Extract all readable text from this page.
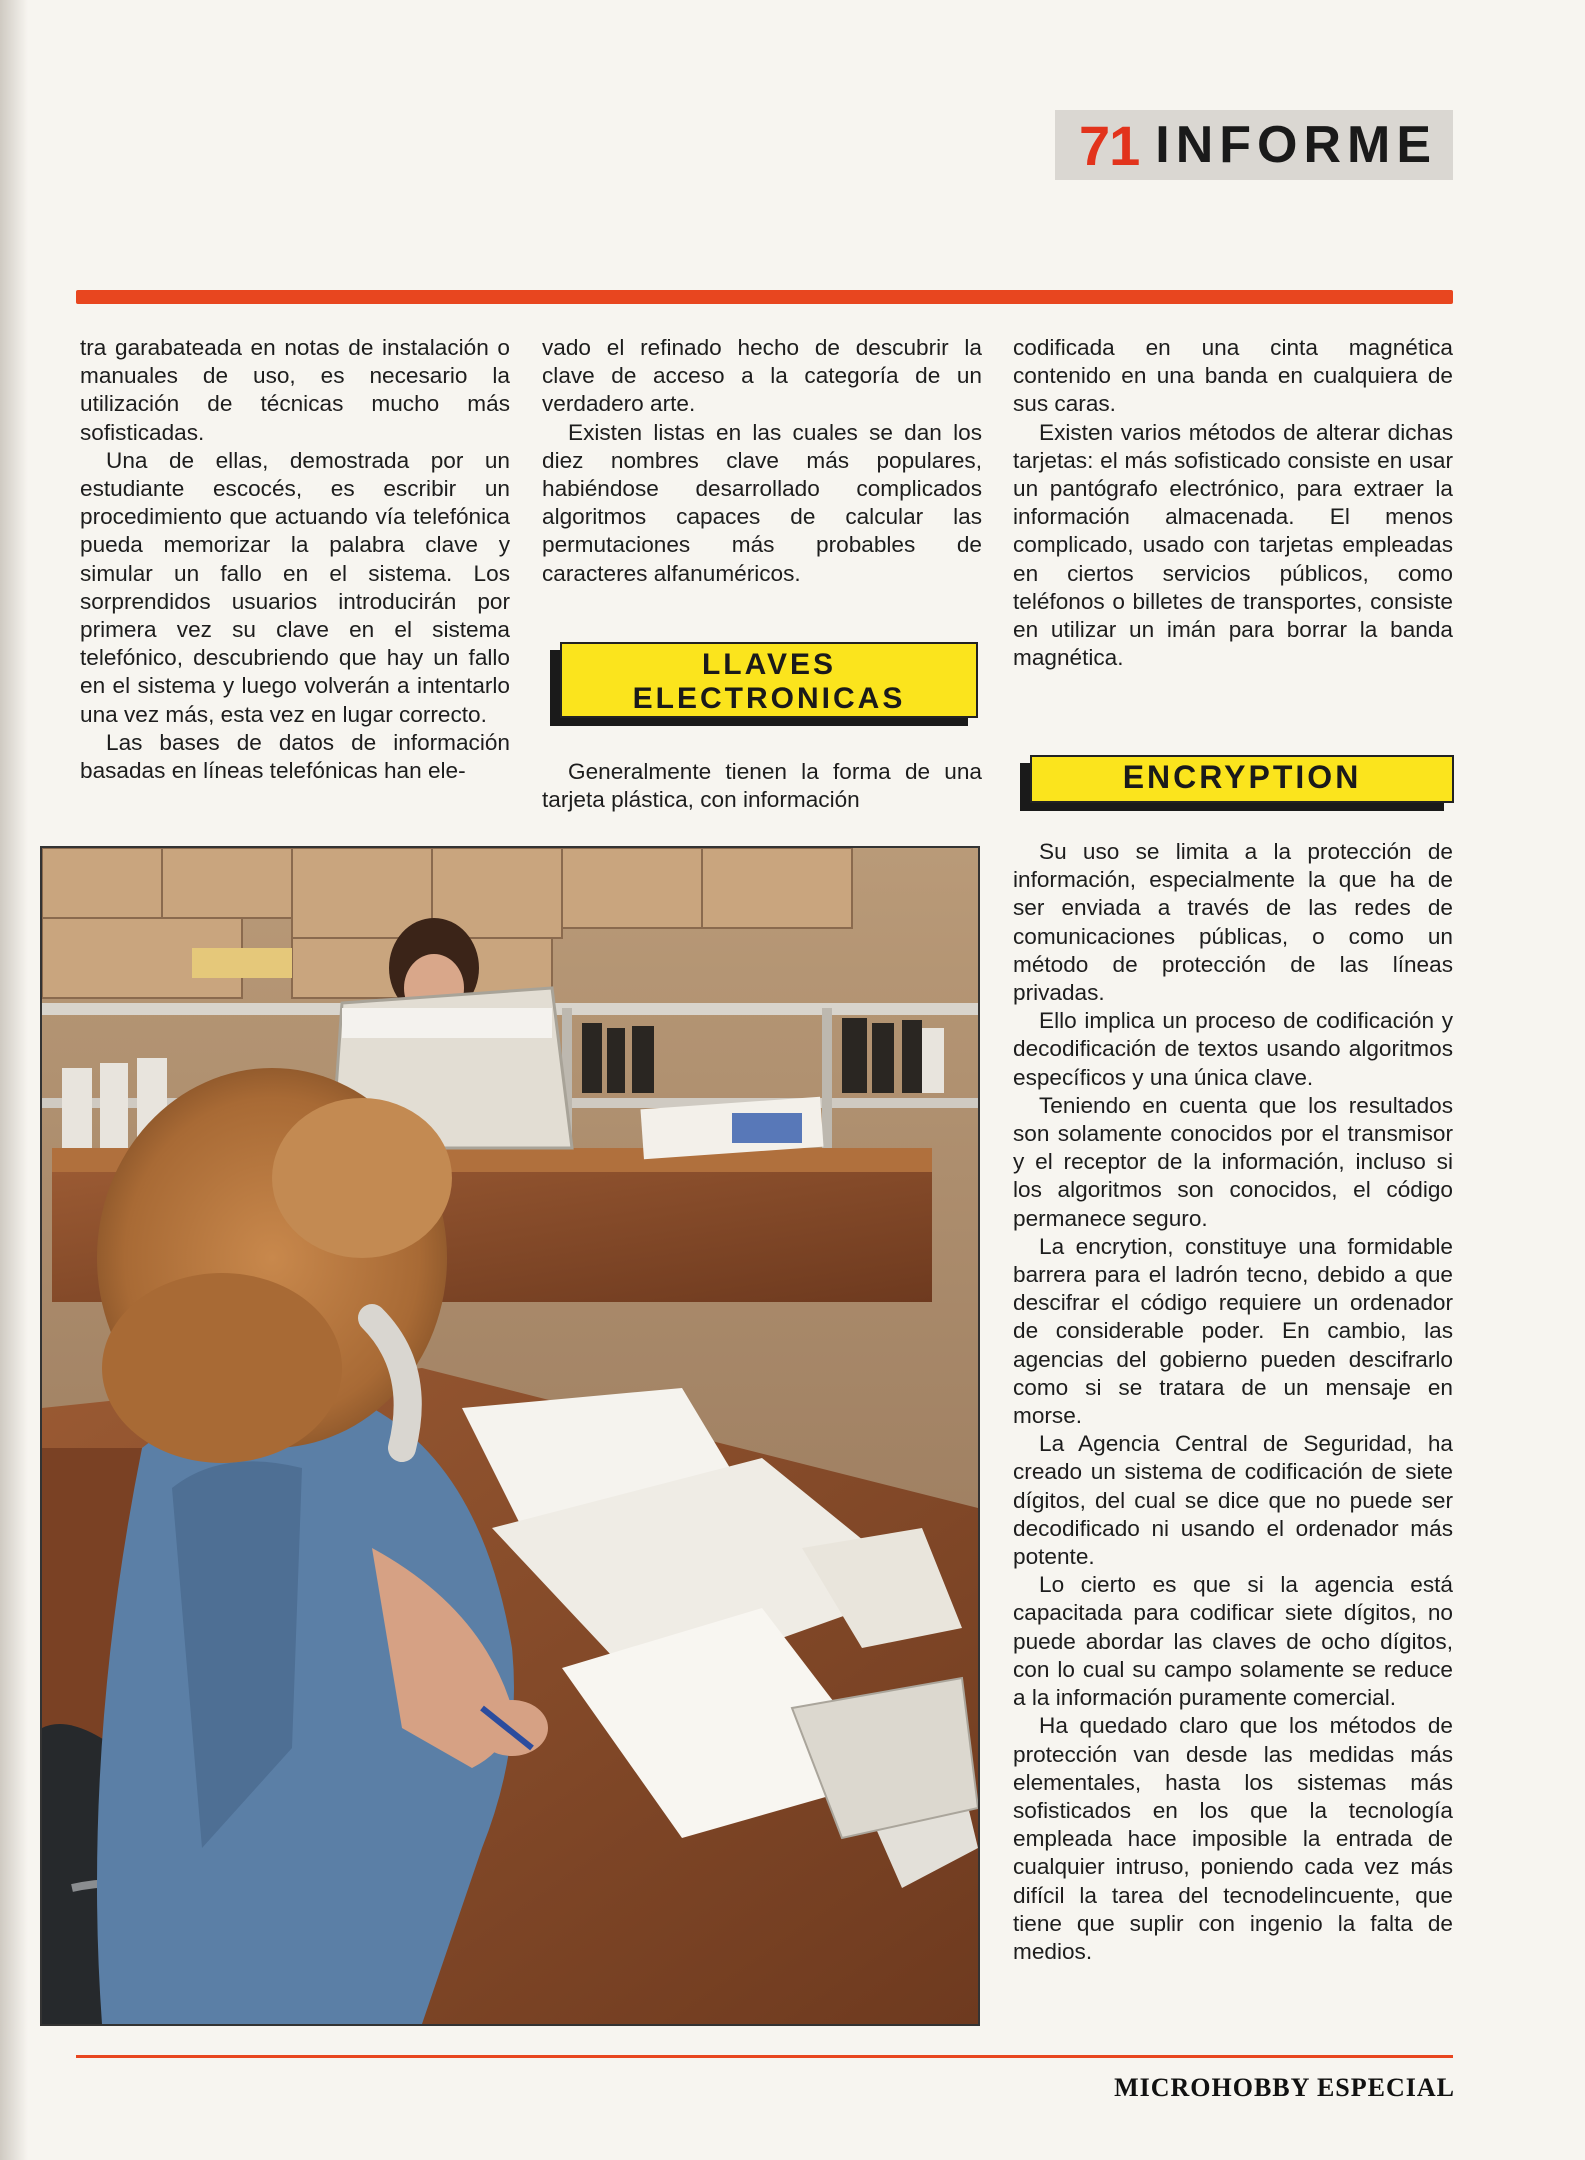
71 INFORME

tra garabateada en notas de instalación o manuales de uso, es necesario la utilización de técnicas mucho más sofisticadas.

Una de ellas, demostrada por un estudiante escocés, es escribir un procedimiento que actuando vía telefónica pueda memorizar la palabra clave y simular un fallo en el sistema. Los sorprendidos usuarios introducirán por primera vez su clave en el sistema telefónico, descubriendo que hay un fallo en el sistema y luego volverán a intentarlo una vez más, esta vez en lugar correcto.

Las bases de datos de información basadas en líneas telefónicas han ele-

vado el refinado hecho de descubrir la clave de acceso a la categoría de un verdadero arte.

Existen listas en las cuales se dan los diez nombres clave más populares, habiéndose desarrollado complicados algoritmos capaces de calcular las permutaciones más probables de caracteres alfanuméricos.

LLAVES
ELECTRONICAS

Generalmente tienen la forma de una tarjeta plástica, con información

codificada en una cinta magnética contenido en una banda en cualquiera de sus caras.

Existen varios métodos de alterar dichas tarjetas: el más sofisticado consiste en usar un pantógrafo electrónico, para extraer la información almacenada. El menos complicado, usado con tarjetas empleadas en ciertos servicios públicos, como teléfonos o billetes de transportes, consiste en utilizar un imán para borrar la banda magnética.

ENCRYPTION

Su uso se limita a la protección de información, especialmente la que ha de ser enviada a través de las redes de comunicaciones públicas, o como un método de protección de las líneas privadas.

Ello implica un proceso de codificación y decodificación de textos usando algoritmos específicos y una única clave.

Teniendo en cuenta que los resultados son solamente conocidos por el transmisor y el receptor de la información, incluso si los algoritmos son conocidos, el código permanece seguro.

La encrytion, constituye una formidable barrera para el ladrón tecno, debido a que descifrar el código requiere un ordenador de considerable poder. En cambio, las agencias del gobierno pueden descifrarlo como si se tratara de un mensaje en morse.

La Agencia Central de Seguridad, ha creado un sistema de codificación de siete dígitos, del cual se dice que no puede ser decodificado ni usando el ordenador más potente.

Lo cierto es que si la agencia está capacitada para codificar siete dígitos, no puede abordar las claves de ocho dígitos, con lo cual su campo solamente se reduce a la información puramente comercial.

Ha quedado claro que los métodos de protección van desde las medidas más elementales, hasta los sistemas más sofisticados en los que la tecnología empleada hace imposible la entrada de cualquier intruso, poniendo cada vez más difícil la tarea del tecnodelincuente, que tiene que suplir con ingenio la falta de medios.

MICROHOBBY ESPECIAL
